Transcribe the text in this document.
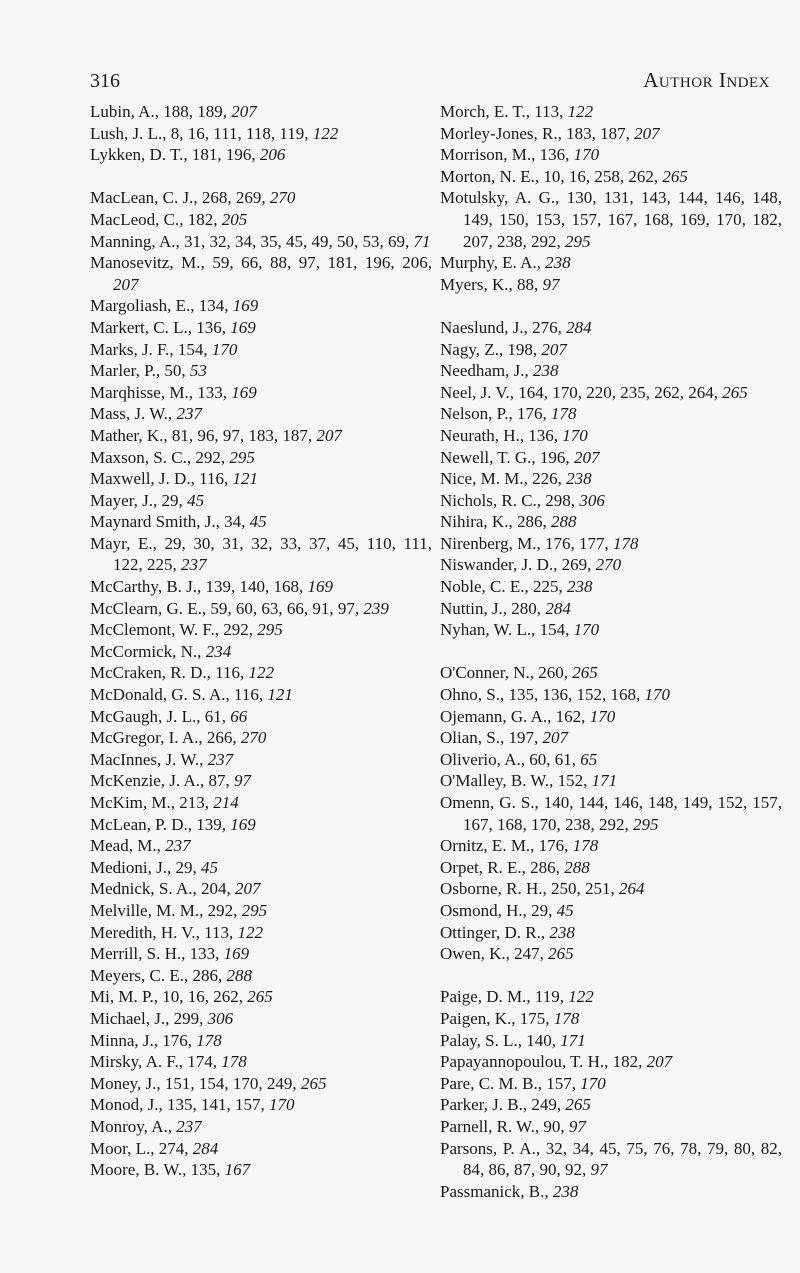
316	Author Index
Lubin, A., 188, 189, 207
Lush, J. L., 8, 16, 111, 118, 119, 122
Lykken, D. T., 181, 196, 206
MacLean, C. J., 268, 269, 270
MacLeod, C., 182, 205
Manning, A., 31, 32, 34, 35, 45, 49, 50, 53, 69, 71
Manosevitz, M., 59, 66, 88, 97, 181, 196, 206, 207
Margoliash, E., 134, 169
Markert, C. L., 136, 169
Marks, J. F., 154, 170
Marler, P., 50, 53
Marqhisse, M., 133, 169
Mass, J. W., 237
Mather, K., 81, 96, 97, 183, 187, 207
Maxson, S. C., 292, 295
Maxwell, J. D., 116, 121
Mayer, J., 29, 45
Maynard Smith, J., 34, 45
Mayr, E., 29, 30, 31, 32, 33, 37, 45, 110, 111, 122, 225, 237
McCarthy, B. J., 139, 140, 168, 169
McClearn, G. E., 59, 60, 63, 66, 91, 97, 239
McClemont, W. F., 292, 295
McCormick, N., 234
McCraken, R. D., 116, 122
McDonald, G. S. A., 116, 121
McGaugh, J. L., 61, 66
McGregor, I. A., 266, 270
MacInnes, J. W., 237
McKenzie, J. A., 87, 97
McKim, M., 213, 214
McLean, P. D., 139, 169
Mead, M., 237
Medioni, J., 29, 45
Mednick, S. A., 204, 207
Melville, M. M., 292, 295
Meredith, H. V., 113, 122
Merrill, S. H., 133, 169
Meyers, C. E., 286, 288
Mi, M. P., 10, 16, 262, 265
Michael, J., 299, 306
Minna, J., 176, 178
Mirsky, A. F., 174, 178
Money, J., 151, 154, 170, 249, 265
Monod, J., 135, 141, 157, 170
Monroy, A., 237
Moor, L., 274, 284
Moore, B. W., 135, 167
Morch, E. T., 113, 122
Morley-Jones, R., 183, 187, 207
Morrison, M., 136, 170
Morton, N. E., 10, 16, 258, 262, 265
Motulsky, A. G., 130, 131, 143, 144, 146, 148, 149, 150, 153, 157, 167, 168, 169, 170, 182, 207, 238, 292, 295
Murphy, E. A., 238
Myers, K., 88, 97
Naeslund, J., 276, 284
Nagy, Z., 198, 207
Needham, J., 238
Neel, J. V., 164, 170, 220, 235, 262, 264, 265
Nelson, P., 176, 178
Neurath, H., 136, 170
Newell, T. G., 196, 207
Nice, M. M., 226, 238
Nichols, R. C., 298, 306
Nihira, K., 286, 288
Nirenberg, M., 176, 177, 178
Niswander, J. D., 269, 270
Noble, C. E., 225, 238
Nuttin, J., 280, 284
Nyhan, W. L., 154, 170
O'Conner, N., 260, 265
Ohno, S., 135, 136, 152, 168, 170
Ojemann, G. A., 162, 170
Olian, S., 197, 207
Oliverio, A., 60, 61, 65
O'Malley, B. W., 152, 171
Omenn, G. S., 140, 144, 146, 148, 149, 152, 157, 167, 168, 170, 238, 292, 295
Ornitz, E. M., 176, 178
Orpet, R. E., 286, 288
Osborne, R. H., 250, 251, 264
Osmond, H., 29, 45
Ottinger, D. R., 238
Owen, K., 247, 265
Paige, D. M., 119, 122
Paigen, K., 175, 178
Palay, S. L., 140, 171
Papayannopoulou, T. H., 182, 207
Pare, C. M. B., 157, 170
Parker, J. B., 249, 265
Parnell, R. W., 90, 97
Parsons, P. A., 32, 34, 45, 75, 76, 78, 79, 80, 82, 84, 86, 87, 90, 92, 97
Passmanick, B., 238
